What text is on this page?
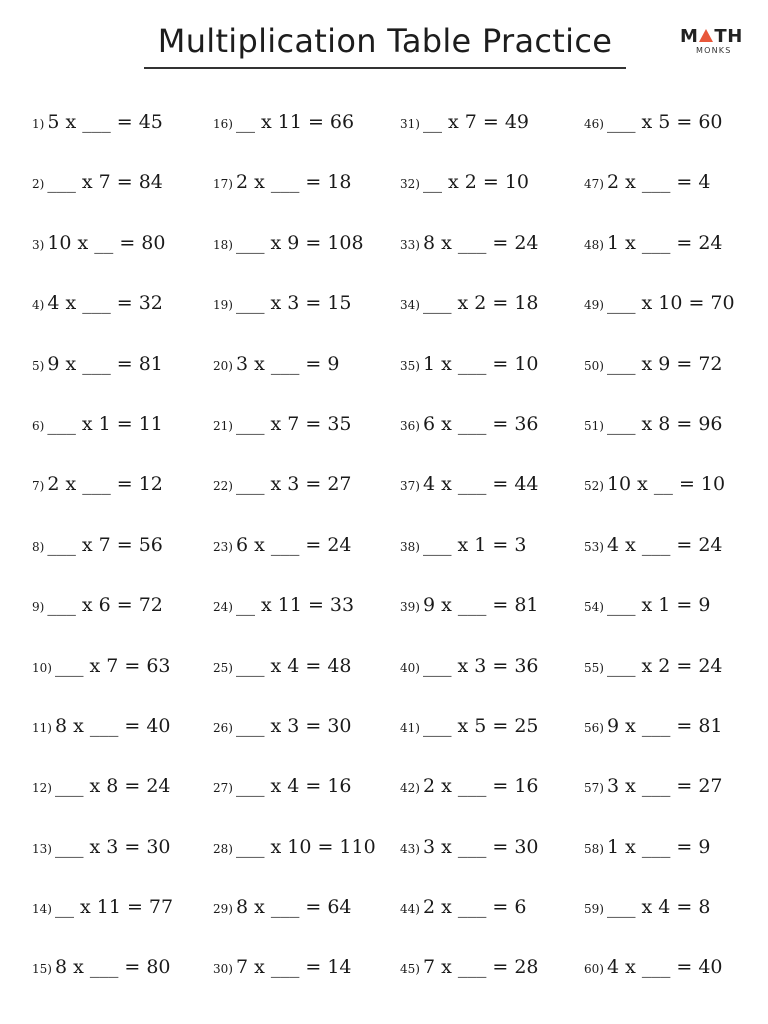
Multiplication Table Practice	M TH
MONKS
1) 5 x ___ = 45
2) ___ x 7 = 84
3) 10 x __ = 80
4) 4 x ___ = 32
5) 9 x ___ = 81
6) ___ x 1 = 11
7) 2 x ___ = 12
8) ___ x 7 = 56
9) ___ x 6 = 72
10) ___ x 7 = 63
11) 8 x ___ = 40
12) ___ x 8 = 24
13) ___ x 3 = 30
14) __ x 11 = 77
15) 8 x ___ = 80
16) __ x 11 = 66
17) 2 x ___ = 18
18) ___ x 9 = 108
19) ___ x 3 = 15
20) 3 x ___ = 9
21) ___ x 7 = 35
22) ___ x 3 = 27
23) 6 x ___ = 24
24) __ x 11 = 33
25) ___ x 4 = 48
26) ___ x 3 = 30
27) ___ x 4 = 16
28) ___ x 10 = 110
29) 8 x ___ = 64
30) 7 x ___ = 14
31) __ x 7 = 49
32) __ x 2 = 10
33) 8 x ___ = 24
34) ___ x 2 = 18
35) 1 x ___ = 10
36) 6 x ___ = 36
37) 4 x ___ = 44
38) ___ x 1 = 3
39) 9 x ___ = 81
40) ___ x 3 = 36
41) ___ x 5 = 25
42) 2 x ___ = 16
43) 3 x ___ = 30
44) 2 x ___ = 6
45) 7 x ___ = 28
46) ___ x 5 = 60
47) 2 x ___ = 4
48) 1 x ___ = 24
49) ___ x 10 = 70
50) ___ x 9 = 72
51) ___ x 8 = 96
52) 10 x __ = 10
53) 4 x ___ = 24
54) ___ x 1 = 9
55) ___ x 2 = 24
56) 9 x ___ = 81
57) 3 x ___ = 27
58) 1 x ___ = 9
59) ___ x 4 = 8
60) 4 x ___ = 40
